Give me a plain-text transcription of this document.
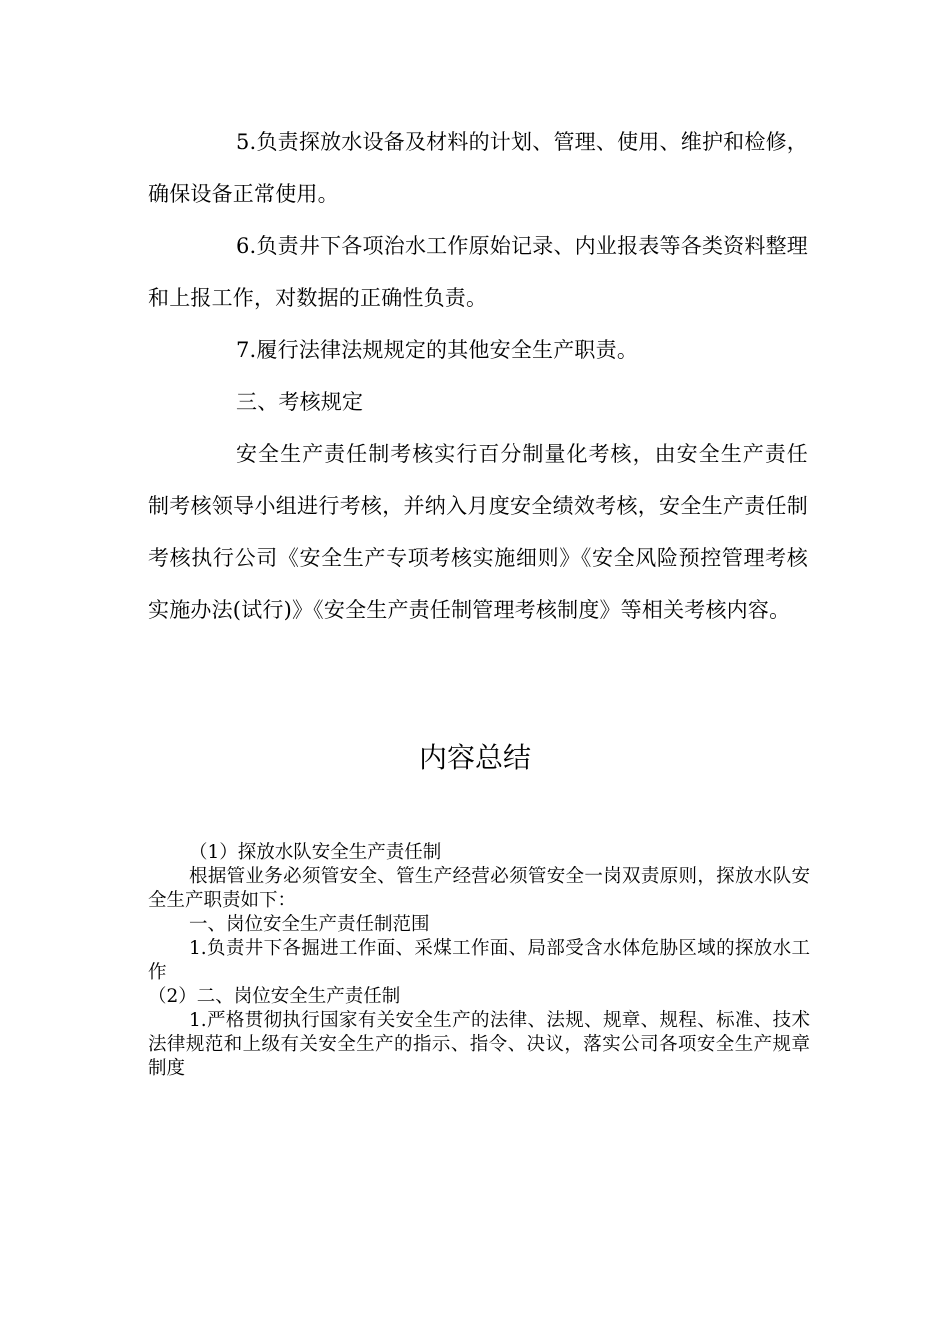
5.负责探放水设备及材料的计划、管理、使用、维护和检修，确保设备正常使用。

6.负责井下各项治水工作原始记录、内业报表等各类资料整理和上报工作，对数据的正确性负责。

7.履行法律法规规定的其他安全生产职责。

三、考核规定

安全生产责任制考核实行百分制量化考核，由安全生产责任制考核领导小组进行考核，并纳入月度安全绩效考核，安全生产责任制考核执行公司《安全生产专项考核实施细则》《安全风险预控管理考核实施办法(试行)》《安全生产责任制管理考核制度》等相关考核内容。

内容总结

（1）探放水队安全生产责任制

根据管业务必须管安全、管生产经营必须管安全一岗双责原则，探放水队安全生产职责如下：

一、岗位安全生产责任制范围

1.负责井下各掘进工作面、采煤工作面、局部受含水体危胁区域的探放水工作

（2）二、岗位安全生产责任制

1.严格贯彻执行国家有关安全生产的法律、法规、规章、规程、标准、技术法律规范和上级有关安全生产的指示、指令、决议，落实公司各项安全生产规章制度
